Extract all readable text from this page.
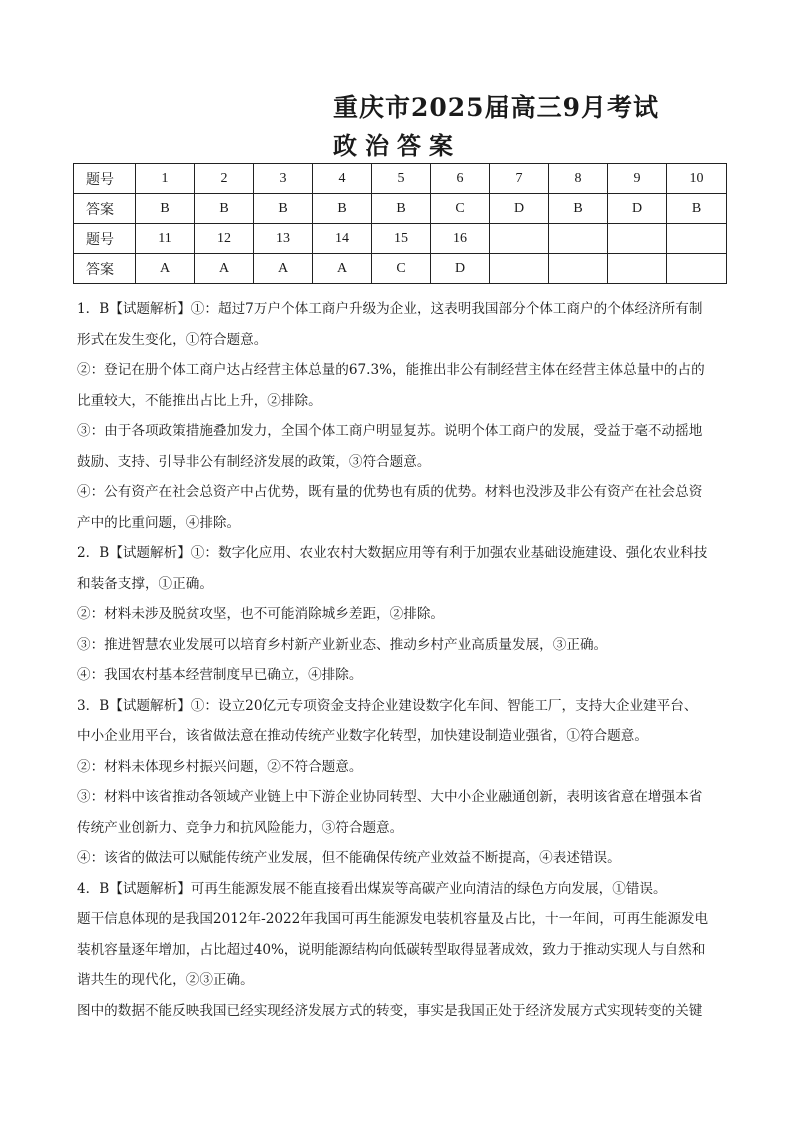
重庆市2025届高三9月考试
政治答案
题号	1	2	3	4	5	6	7	8	9	10
答案	B	B	B	B	B	C	D	B	D	B
题号	11	12	13	14	15	16				
答案	A	A	A	A	C	D				

1．B【试题解析】①：超过7万户个体工商户升级为企业，这表明我国部分个体工商户的个体经济所有制

形式在发生变化，①符合题意。

②：登记在册个体工商户达占经营主体总量的67.3%，能推出非公有制经营主体在经营主体总量中的占的

比重较大，不能推出占比上升，②排除。

③：由于各项政策措施叠加发力，全国个体工商户明显复苏。说明个体工商户的发展，受益于毫不动摇地

鼓励、支持、引导非公有制经济发展的政策，③符合题意。

④：公有资产在社会总资产中占优势，既有量的优势也有质的优势。材料也没涉及非公有资产在社会总资

产中的比重问题，④排除。

2．B【试题解析】①：数字化应用、农业农村大数据应用等有利于加强农业基础设施建设、强化农业科技

和装备支撑，①正确。

②：材料未涉及脱贫攻坚，也不可能消除城乡差距，②排除。

③：推进智慧农业发展可以培育乡村新产业新业态、推动乡村产业高质量发展，③正确。

④：我国农村基本经营制度早已确立，④排除。

3．B【试题解析】①：设立20亿元专项资金支持企业建设数字化车间、智能工厂，支持大企业建平台、

中小企业用平台，该省做法意在推动传统产业数字化转型，加快建设制造业强省，①符合题意。

②：材料未体现乡村振兴问题，②不符合题意。

③：材料中该省推动各领域产业链上中下游企业协同转型、大中小企业融通创新，表明该省意在增强本省

传统产业创新力、竞争力和抗风险能力，③符合题意。

④：该省的做法可以赋能传统产业发展，但不能确保传统产业效益不断提高，④表述错误。

4．B【试题解析】可再生能源发展不能直接看出煤炭等高碳产业向清洁的绿色方向发展，①错误。

题干信息体现的是我国2012年-2022年我国可再生能源发电装机容量及占比，十一年间，可再生能源发电

装机容量逐年增加，占比超过40%，说明能源结构向低碳转型取得显著成效，致力于推动实现人与自然和

谐共生的现代化，②③正确。

图中的数据不能反映我国已经实现经济发展方式的转变，事实是我国正处于经济发展方式实现转变的关键
